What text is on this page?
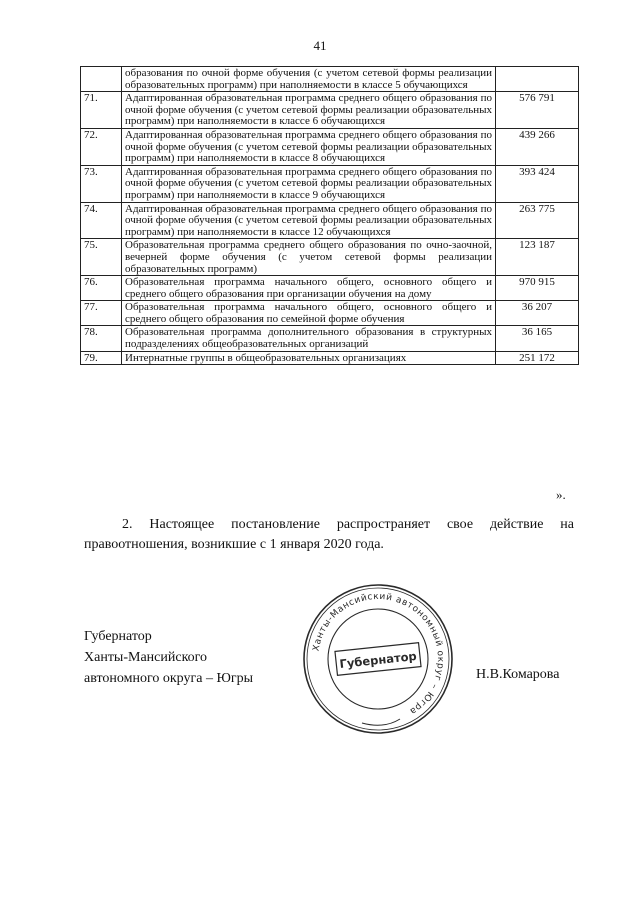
41
	образования по очной форме обучения (с учетом сетевой формы реализации образовательных программ) при наполняемости в классе 5 обучающихся	
71.	Адаптированная образовательная программа среднего общего образования по очной форме обучения (с учетом сетевой формы реализации образовательных программ) при наполняемости в классе 6 обучающихся	576 791
72.	Адаптированная образовательная программа среднего общего образования по очной форме обучения (с учетом сетевой формы реализации образовательных программ) при наполняемости в классе 8 обучающихся	439 266
73.	Адаптированная образовательная программа среднего общего образования по очной форме обучения (с учетом сетевой формы реализации образовательных программ) при наполняемости в классе 9 обучающихся	393 424
74.	Адаптированная образовательная программа среднего общего образования по очной форме обучения (с учетом сетевой формы реализации образовательных программ) при наполняемости в классе 12 обучающихся	263 775
75.	Образовательная программа среднего общего образования по очно-заочной, вечерней форме обучения (с учетом сетевой формы реализации образовательных программ)	123 187
76.	Образовательная программа начального общего, основного общего и среднего общего образования при организации обучения на дому	970 915
77.	Образовательная программа начального общего, основного общего и среднего общего образования по семейной форме обучения	36 207
78.	Образовательная программа дополнительного образования в структурных подразделениях общеобразовательных организаций	36 165
79.	Интернатные группы в общеобразовательных организациях	251 172
».
2. Настоящее постановление распространяет свое действие на правоотношения, возникшие с 1 января 2020 года.
Губернатор
Ханты-Мансийского
автономного округа – Югры	Н.В.Комарова
Ханты-Мансийский автономный округ – Югра
Губернатор
